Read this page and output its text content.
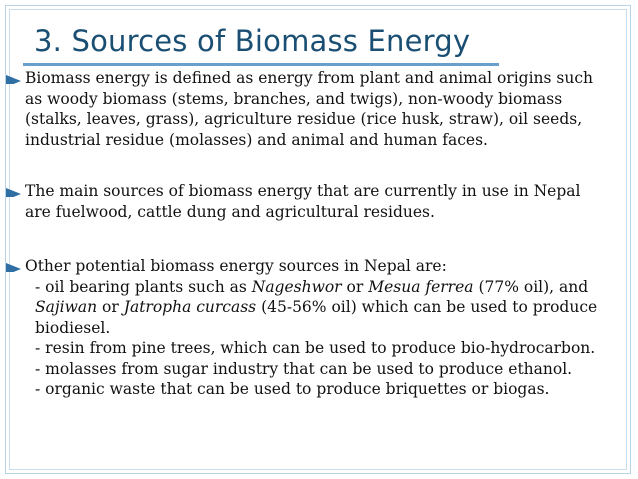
3. Sources of Biomass Energy
Biomass energy is defined as energy from plant and animal origins such as woody biomass (stems, branches, and twigs), non-woody biomass (stalks, leaves, grass), agriculture residue (rice husk, straw), oil seeds, industrial residue (molasses) and animal and human faces.
The main sources of biomass energy that are currently in use in Nepal are fuelwood, cattle dung and agricultural residues.
Other potential biomass energy sources in Nepal are:
- oil bearing plants such as Nageshwor or Mesua ferrea (77% oil), and Sajiwan or Jatropha curcass (45-56% oil) which can be used to produce biodiesel.
- resin from pine trees, which can be used to produce bio-hydrocarbon.
- molasses from sugar industry that can be used to produce ethanol.
- organic waste that can be used to produce briquettes or biogas.
